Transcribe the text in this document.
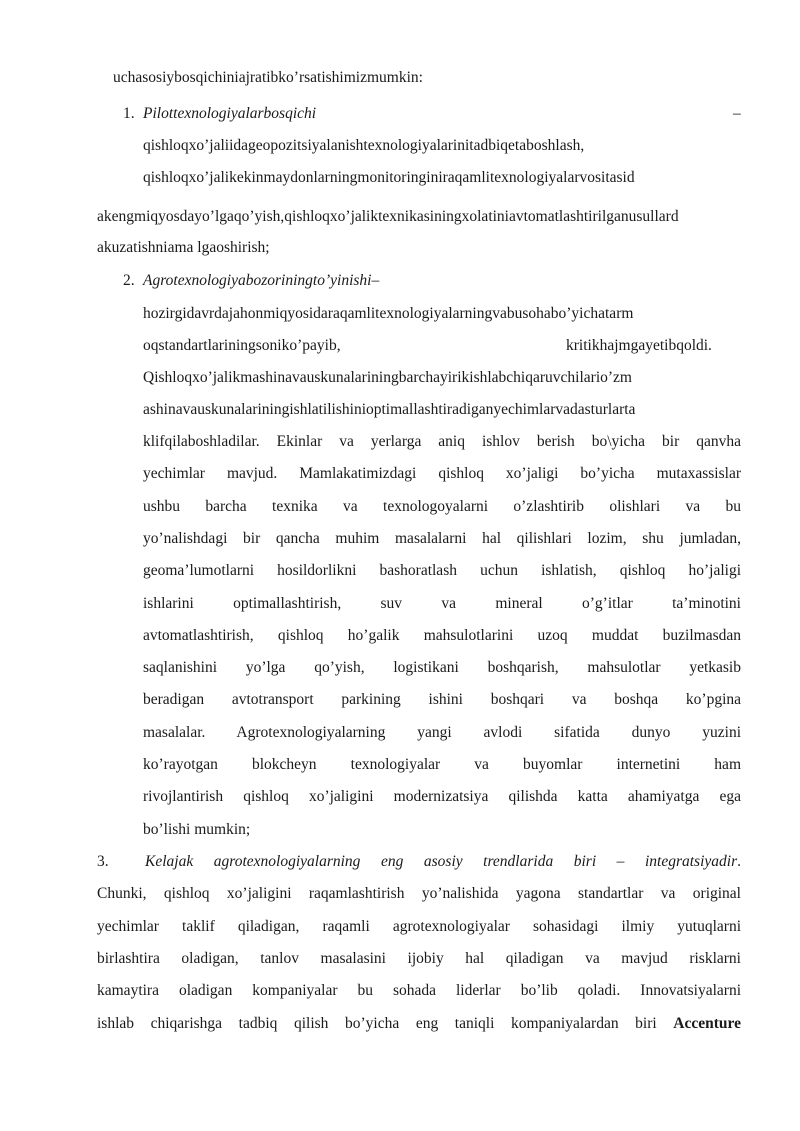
uchasosiybosqichiniajratibko’rsatishimizmumkin:
1. Pilottexnologiyalarbosqichi	–
qishloqxo’jaliidageopozitsiyalanishtexnologiyalarinitadbiqetaboshlash,
qishloqxo’jalikekinmaydonlarningmonitoringiniraqamlitexnologiyalarvositasid
akengmiqyosdayo’lgaqo’yish,qishloqxo’jaliktexnikasiningxolatiniavtomatlashtirilganusullard
akuzatishniama lgaoshirish;
2. Agrotexnologiyabozoriningto’yinishi–
hozirgidavrdajahonmiqyosidaraqamlitexnologiyalarningvabusohabo’yichatarm
oqstandartlariningsoniko’payib,	kritikhajmgayetibqoldi.
Qishloqxo’jalikmashinavauskunalariningbarchayirikishlabchiqaruvchilario’zm
ashinavauskunalariningishlatilishinioptimallashtiradiganyechimlarvadasturlarta
klifqilaboshladilar. Ekinlar va yerlarga aniq ishlov berish bo\yicha bir qanvha
yechimlar mavjud. Mamlakatimizdagi qishloq xo’jaligi bo’yicha mutaxassislar
ushbu barcha texnika va texnologoyalarni o’zlashtirib olishlari va bu
yo’nalishdagi bir qancha muhim masalalarni hal qilishlari lozim, shu jumladan,
geoma’lumotlarni hosildorlikni bashoratlash uchun ishlatish, qishloq ho’jaligi
ishlarini optimallashtirish, suv va mineral o’g’itlar ta’minotini
avtomatlashtirish, qishloq ho’galik mahsulotlarini uzoq muddat buzilmasdan
saqlanishini yo’lga qo’yish, logistikani boshqarish, mahsulotlar yetkasib
beradigan avtotransport parkining ishini boshqari va boshqa ko’pgina
masalalar. Agrotexnologiyalarning yangi avlodi sifatida dunyo yuzini
ko’rayotgan blokcheyn texnologiyalar va buyomlar internetini ham
rivojlantirish qishloq xo’jaligini modernizatsiya qilishda katta ahamiyatga ega
bo’lishi mumkin;
3. Kelajak agrotexnologiyalarning eng asosiy trendlarida biri – integratsiyadir.
Chunki, qishloq xo’jaligini raqamlashtirish yo’nalishida yagona standartlar va original
yechimlar taklif qiladigan, raqamli agrotexnologiyalar sohasidagi ilmiy yutuqlarni
birlashtira oladigan, tanlov masalasini ijobiy hal qiladigan va mavjud risklarni
kamaytira oladigan kompaniyalar bu sohada liderlar bo’lib qoladi. Innovatsiyalarni
ishlab chiqarishga tadbiq qilish bo’yicha eng taniqli kompaniyalardan biri Accenture
